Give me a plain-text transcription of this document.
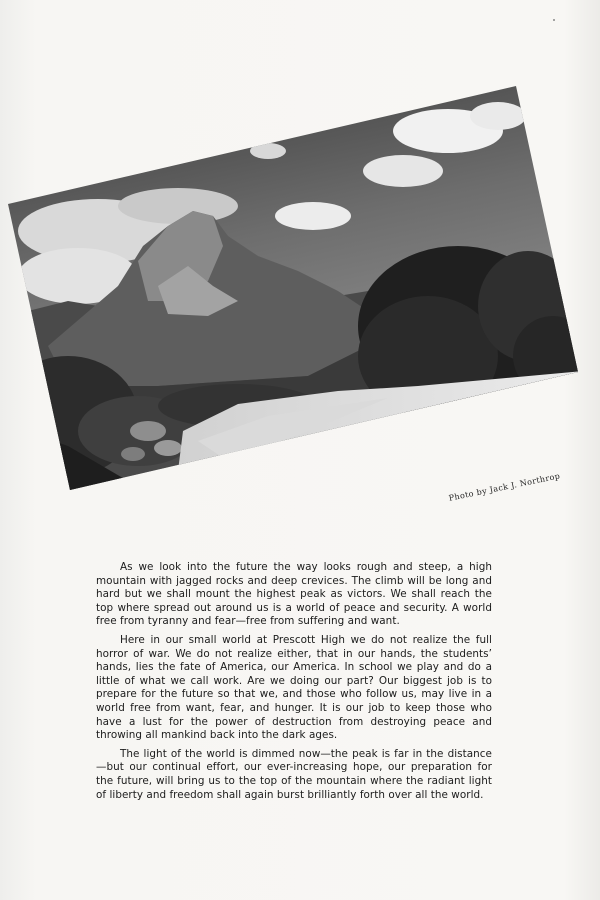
Photo by Jack J. Northrop

As we look into the future the way looks rough and steep, a high mountain with jagged rocks and deep crevices. The climb will be long and hard but we shall mount the highest peak as victors. We shall reach the top where spread out around us is a world of peace and security. A world free from tyranny and fear—free from suffering and want.

Here in our small world at Prescott High we do not realize the full horror of war. We do not realize either, that in our hands, the students’ hands, lies the fate of America, our America. In school we play and do a little of what we call work. Are we doing our part? Our biggest job is to prepare for the future so that we, and those who follow us, may live in a world free from want, fear, and hunger. It is our job to keep those who have a lust for the power of destruction from destroying peace and throwing all mankind back into the dark ages.

The light of the world is dimmed now—the peak is far in the distance—but our continual effort, our ever-increasing hope, our preparation for the future, will bring us to the top of the mountain where the radiant light of liberty and freedom shall again burst brilliantly forth over all the world.
